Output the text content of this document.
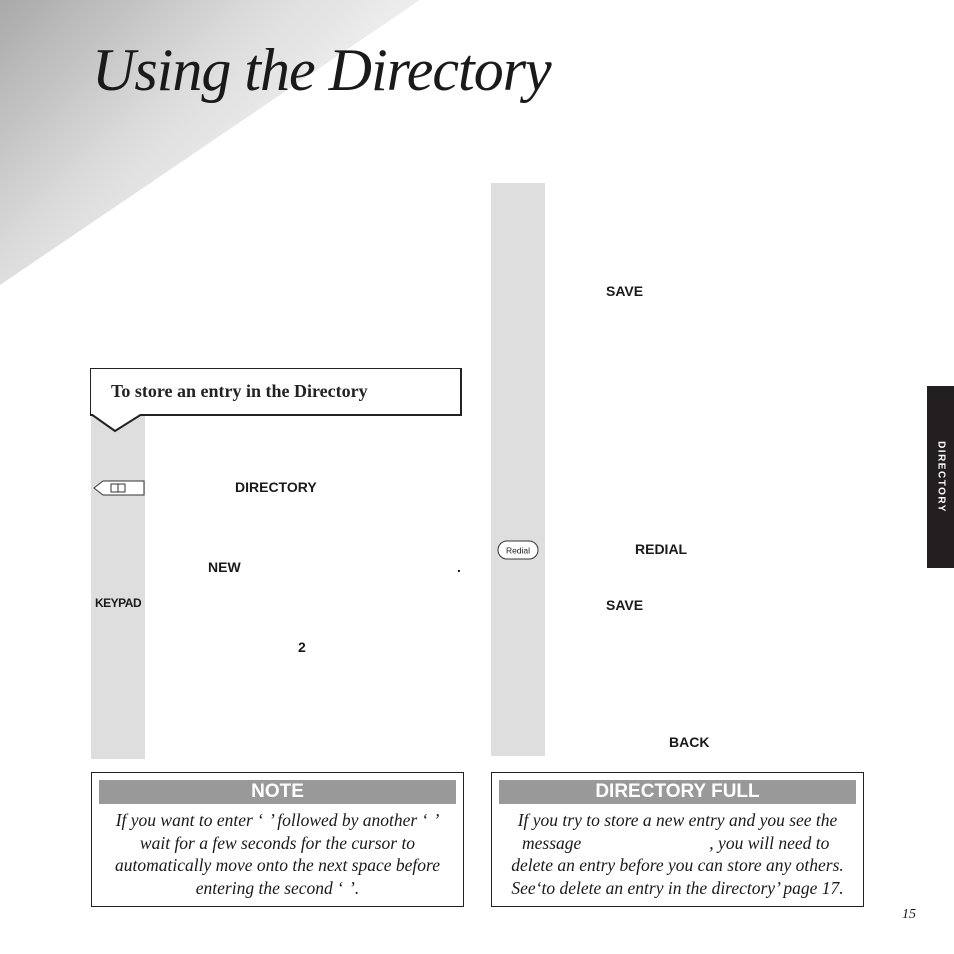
Using the Directory
To store an entry in the Directory
DIRECTORY
NEW	.
KEYPAD
2
SAVE
Redial	REDIAL
SAVE
BACK
DIRECTORY
NOTE
If you want to enter ‘ ’ followed by another ‘ ’
wait for a few seconds for the cursor to
automatically move onto the next space before
entering the second ‘ ’.
DIRECTORY FULL
If you try to store a new entry and you see the
message	, you will need to
delete an entry before you can store any others.
See‘to delete an entry in the directory’ page 17.
15
